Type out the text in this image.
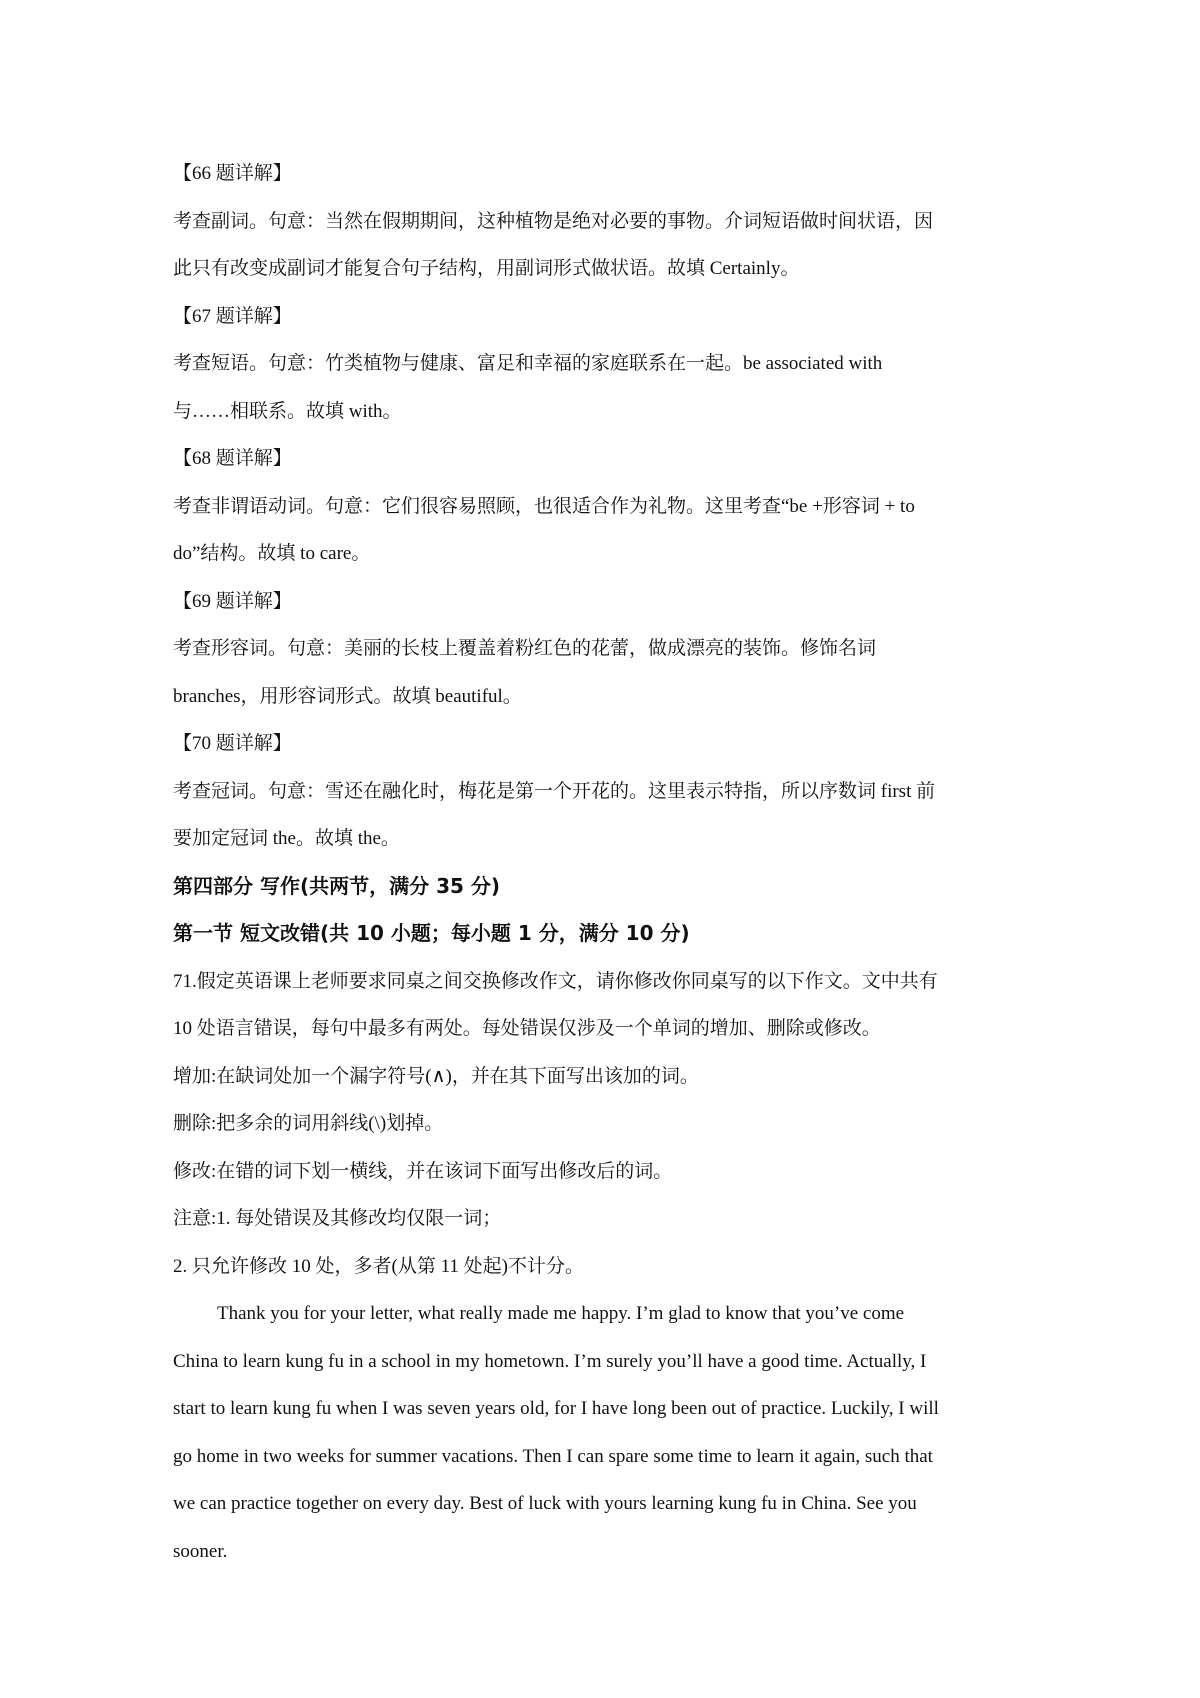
【66 题详解】
考查副词。句意：当然在假期期间，这种植物是绝对必要的事物。介词短语做时间状语，因
此只有改变成副词才能复合句子结构，用副词形式做状语。故填 Certainly。
【67 题详解】
考查短语。句意：竹类植物与健康、富足和幸福的家庭联系在一起。be associated with
与……相联系。故填 with。
【68 题详解】
考查非谓语动词。句意：它们很容易照顾，也很适合作为礼物。这里考查“be +形容词 + to
do”结构。故填 to care。
【69 题详解】
考查形容词。句意：美丽的长枝上覆盖着粉红色的花蕾，做成漂亮的装饰。修饰名词
branches，用形容词形式。故填 beautiful。
【70 题详解】
考查冠词。句意：雪还在融化时，梅花是第一个开花的。这里表示特指，所以序数词 first 前
要加定冠词 the。故填 the。
第四部分 写作(共两节，满分 35 分)
第一节 短文改错(共 10 小题；每小题 1 分，满分 10 分)
71.假定英语课上老师要求同桌之间交换修改作文，请你修改你同桌写的以下作文。文中共有
10 处语言错误，每句中最多有两处。每处错误仅涉及一个单词的增加、删除或修改。
增加:在缺词处加一个漏字符号(∧)，并在其下面写出该加的词。
删除:把多余的词用斜线(\)划掉。
修改:在错的词下划一横线，并在该词下面写出修改后的词。
注意:1. 每处错误及其修改均仅限一词；
2. 只允许修改 10 处，多者(从第 11 处起)不计分。
Thank you for your letter, what really made me happy. I’m glad to know that you’ve come
China to learn kung fu in a school in my hometown. I’m surely you’ll have a good time. Actually, I
start to learn kung fu when I was seven years old, for I have long been out of practice. Luckily, I will
go home in two weeks for summer vacations. Then I can spare some time to learn it again, such that
we can practice together on every day. Best of luck with yours learning kung fu in China. See you
sooner.
